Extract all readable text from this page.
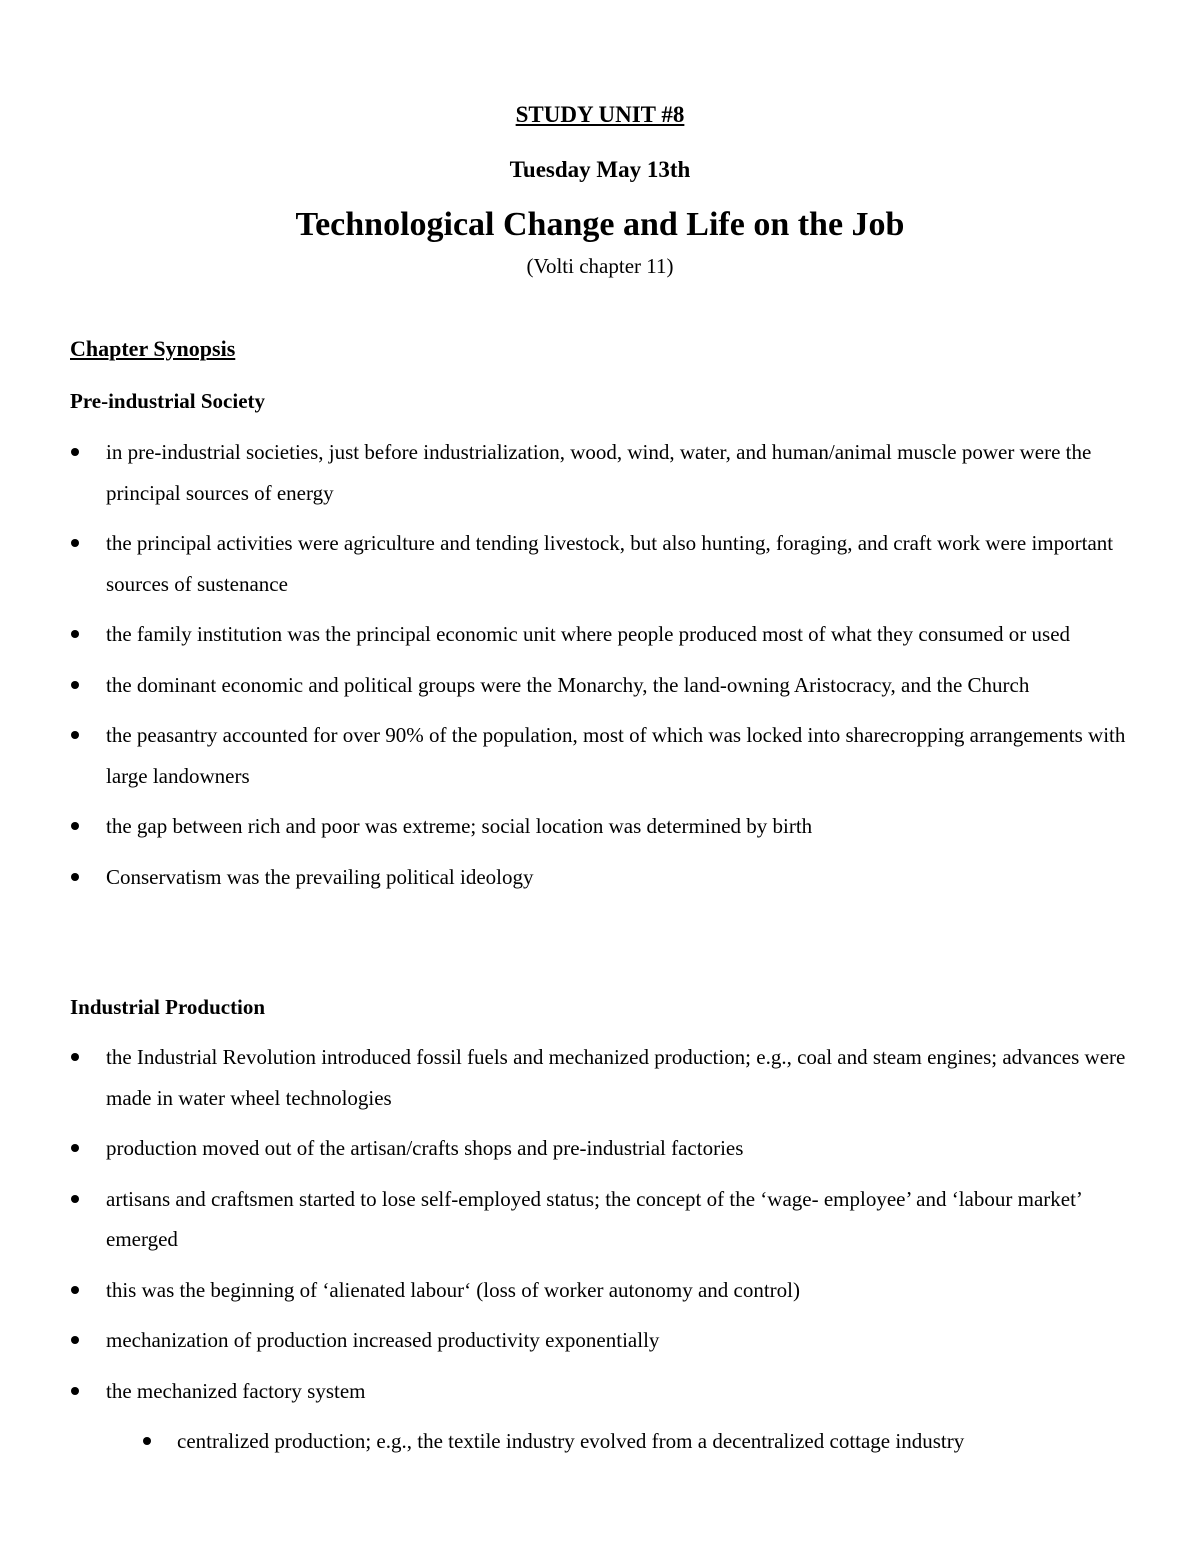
STUDY UNIT #8
Tuesday May 13th
Technological Change and Life on the Job
(Volti chapter 11)
Chapter Synopsis
Pre-industrial Society
in pre-industrial societies, just before industrialization, wood, wind, water, and human/animal muscle power were the principal sources of energy
the principal activities were agriculture and tending livestock, but also hunting, foraging, and craft work were important sources of sustenance
the family institution was the principal economic unit where people produced most of what they consumed or used
the dominant economic and political groups were the Monarchy, the land-owning Aristocracy, and the Church
the peasantry accounted for over 90% of the population, most of which was locked into sharecropping arrangements with large landowners
the gap between rich and poor was extreme; social location was determined by birth
Conservatism was the prevailing political ideology
Industrial Production
the Industrial Revolution introduced fossil fuels and mechanized production; e.g., coal and steam engines; advances were made in water wheel technologies
production moved out of the artisan/crafts shops and pre-industrial factories
artisans and craftsmen started to lose self-employed status; the concept of the ‘wage- employee’ and ‘labour market’ emerged
this was the beginning of ‘alienated labour‘ (loss of worker autonomy and control)
mechanization of production increased productivity exponentially
the mechanized factory system
centralized production; e.g., the textile industry evolved from a decentralized cottage industry
